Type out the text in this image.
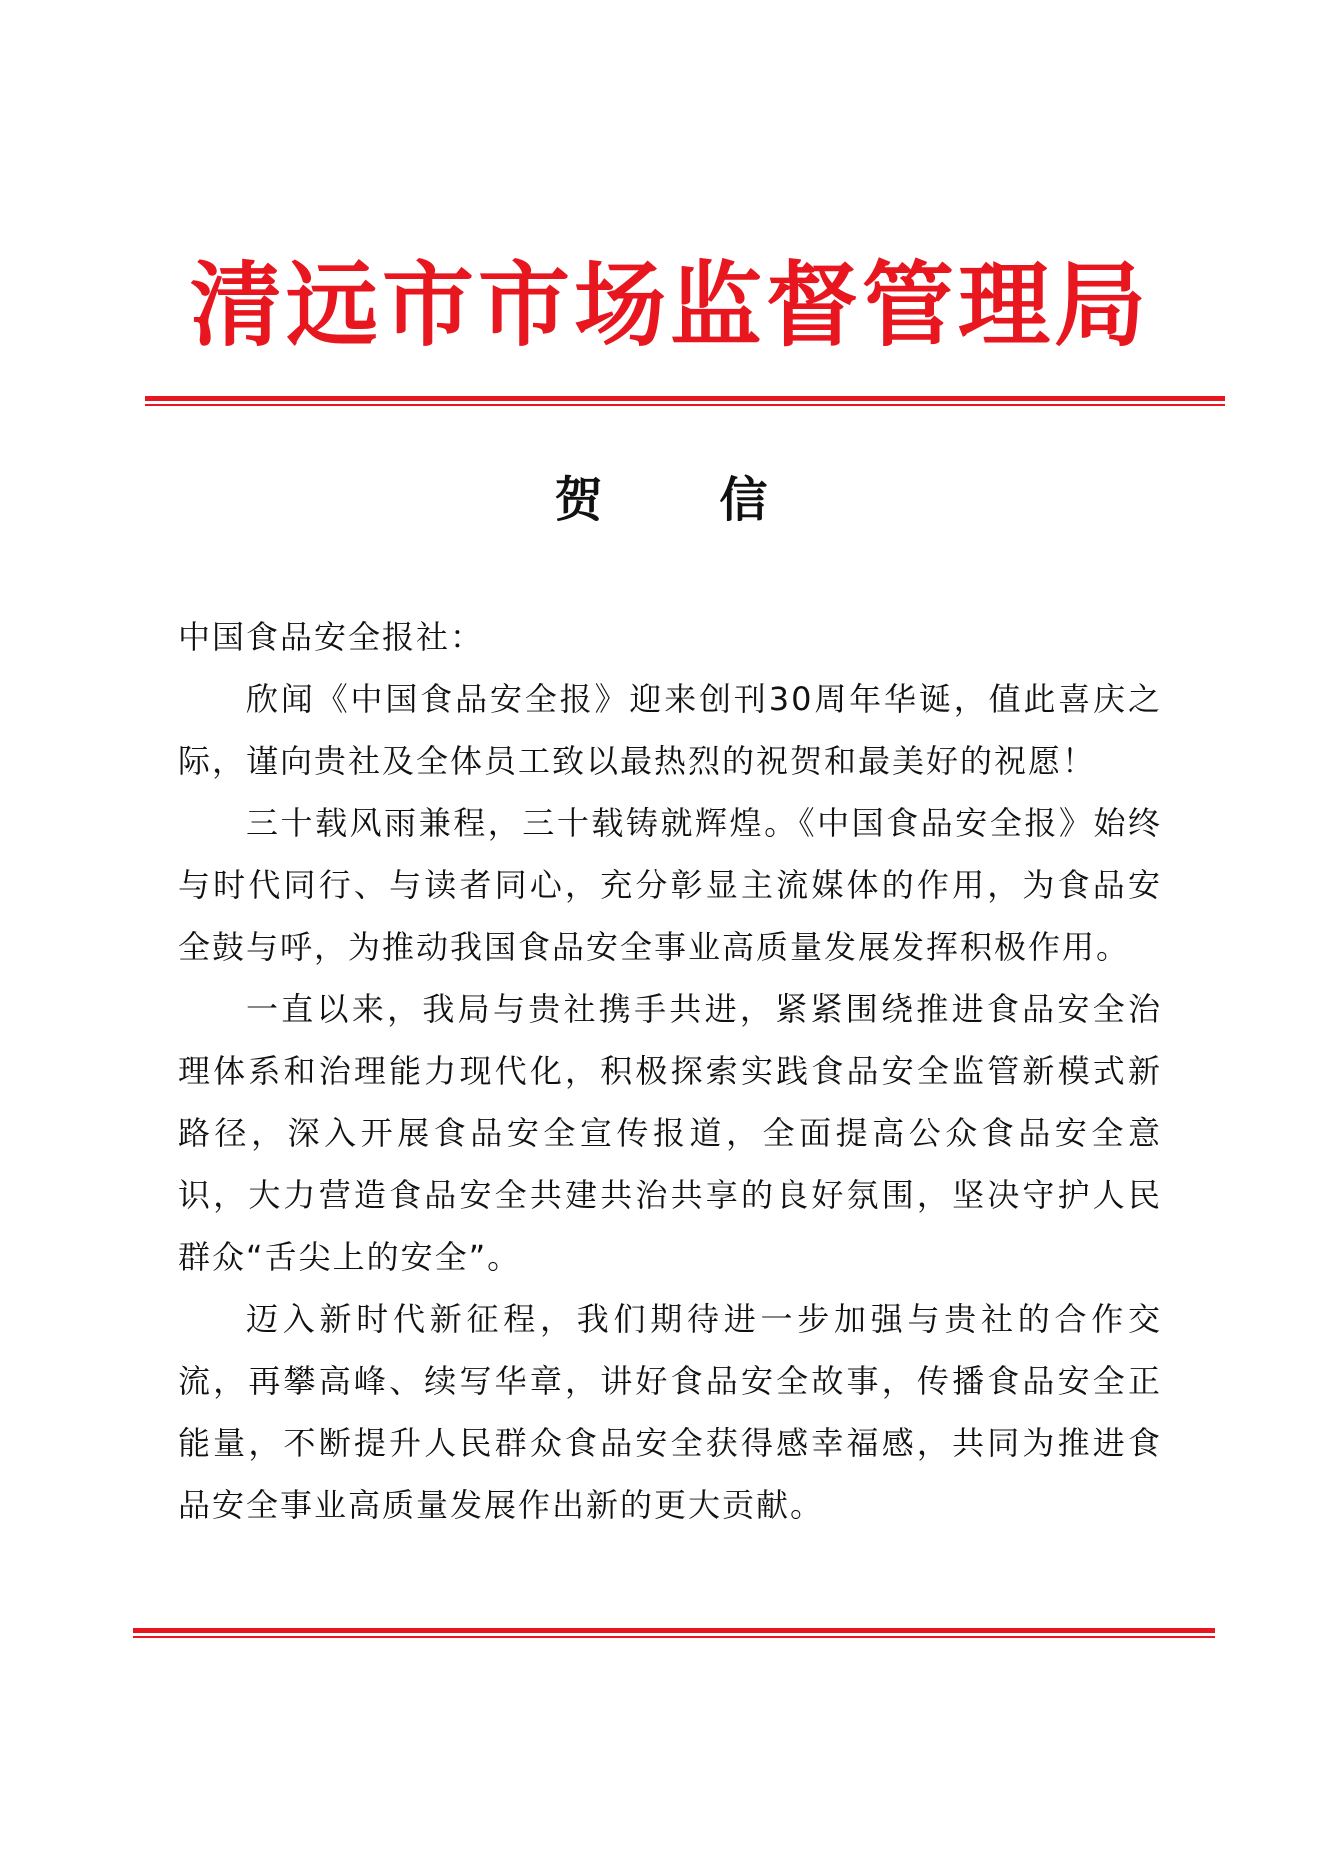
清远市市场监督管理局
贺 信

中国食品安全报社：

欣闻《中国食品安全报》迎来创刊30周年华诞，值此喜庆之际，谨向贵社及全体员工致以最热烈的祝贺和最美好的祝愿！

三十载风雨兼程，三十载铸就辉煌。《中国食品安全报》始终与时代同行、与读者同心，充分彰显主流媒体的作用，为食品安全鼓与呼，为推动我国食品安全事业高质量发展发挥积极作用。

一直以来，我局与贵社携手共进，紧紧围绕推进食品安全治理体系和治理能力现代化，积极探索实践食品安全监管新模式新路径，深入开展食品安全宣传报道，全面提高公众食品安全意识，大力营造食品安全共建共治共享的良好氛围，坚决守护人民群众“舌尖上的安全”。

迈入新时代新征程，我们期待进一步加强与贵社的合作交流，再攀高峰、续写华章，讲好食品安全故事，传播食品安全正能量，不断提升人民群众食品安全获得感幸福感，共同为推进食品安全事业高质量发展作出新的更大贡献。
